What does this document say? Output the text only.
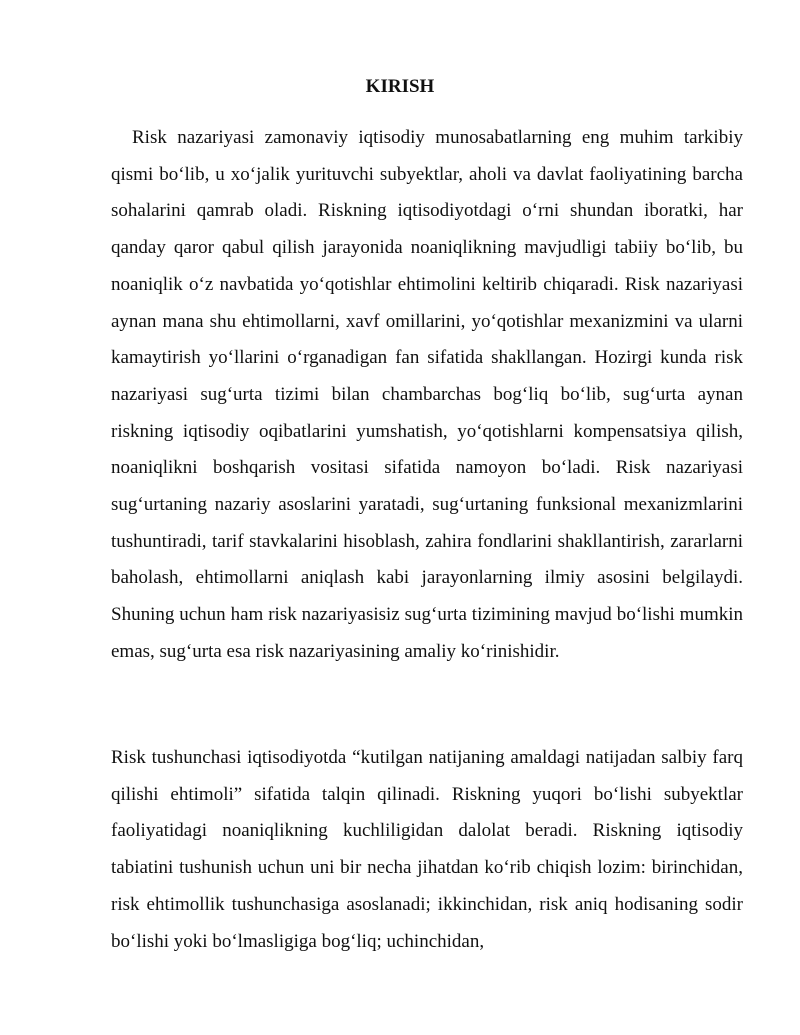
KIRISH

Risk nazariyasi zamonaviy iqtisodiy munosabatlarning eng muhim tarkibiy qismi bo‘lib, u xo‘jalik yurituvchi subyektlar, aholi va davlat faoliyatining barcha sohalarini qamrab oladi. Riskning iqtisodiyotdagi o‘rni shundan iboratki, har qanday qaror qabul qilish jarayonida noaniqlikning mavjudligi tabiiy bo‘lib, bu noaniqlik o‘z navbatida yo‘qotishlar ehtimolini keltirib chiqaradi. Risk nazariyasi aynan mana shu ehtimollarni, xavf omillarini, yo‘qotishlar mexanizmini va ularni kamaytirish yo‘llarini o‘rganadigan fan sifatida shakllangan. Hozirgi kunda risk nazariyasi sug‘urta tizimi bilan chambarchas bog‘liq bo‘lib, sug‘urta aynan riskning iqtisodiy oqibatlarini yumshatish, yo‘qotishlarni kompensatsiya qilish, noaniqlikni boshqarish vositasi sifatida namoyon bo‘ladi. Risk nazariyasi sug‘urtaning nazariy asoslarini yaratadi, sug‘urtaning funksional mexanizmlarini tushuntiradi, tarif stavkalarini hisoblash, zahira fondlarini shakllantirish, zararlarni baholash, ehtimollarni aniqlash kabi jarayonlarning ilmiy asosini belgilaydi. Shuning uchun ham risk nazariyasisiz sug‘urta tizimining mavjud bo‘lishi mumkin emas, sug‘urta esa risk nazariyasining amaliy ko‘rinishidir.

Risk tushunchasi iqtisodiyotda “kutilgan natijaning amaldagi natijadan salbiy farq qilishi ehtimoli” sifatida talqin qilinadi. Riskning yuqori bo‘lishi subyektlar faoliyatidagi noaniqlikning kuchliligidan dalolat beradi. Riskning iqtisodiy tabiatini tushunish uchun uni bir necha jihatdan ko‘rib chiqish lozim: birinchidan, risk ehtimollik tushunchasiga asoslanadi; ikkinchidan, risk aniq hodisaning sodir bo‘lishi yoki bo‘lmasligiga bog‘liq; uchinchidan,
